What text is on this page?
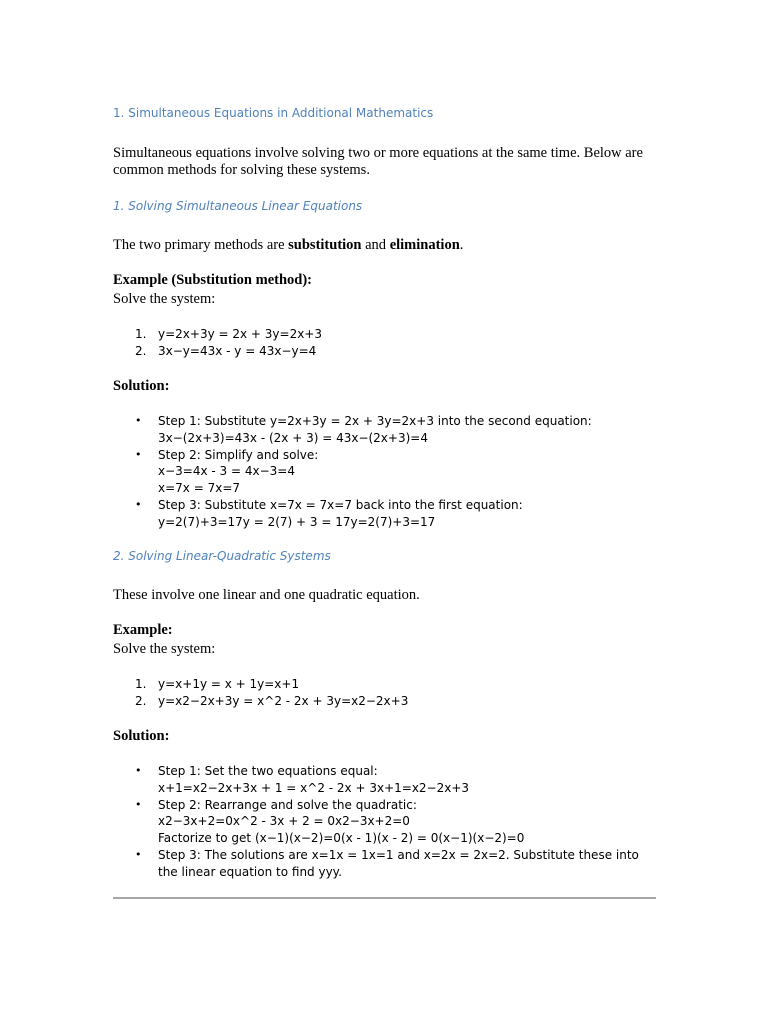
1. Simultaneous Equations in Additional Mathematics
Simultaneous equations involve solving two or more equations at the same time. Below are common methods for solving these systems.
1. Solving Simultaneous Linear Equations
The two primary methods are substitution and elimination.
Example (Substitution method):
Solve the system:
1. y=2x+3y = 2x + 3y=2x+3
2. 3x−y=43x - y = 43x−y=4
Solution:
• Step 1: Substitute y=2x+3y = 2x + 3y=2x+3 into the second equation:
3x−(2x+3)=43x - (2x + 3) = 43x−(2x+3)=4
• Step 2: Simplify and solve:
x−3=4x - 3 = 4x−3=4
x=7x = 7x=7
• Step 3: Substitute x=7x = 7x=7 back into the first equation:
y=2(7)+3=17y = 2(7) + 3 = 17y=2(7)+3=17
2. Solving Linear-Quadratic Systems
These involve one linear and one quadratic equation.
Example:
Solve the system:
1. y=x+1y = x + 1y=x+1
2. y=x2−2x+3y = x^2 - 2x + 3y=x2−2x+3
Solution:
• Step 1: Set the two equations equal:
x+1=x2−2x+3x + 1 = x^2 - 2x + 3x+1=x2−2x+3
• Step 2: Rearrange and solve the quadratic:
x2−3x+2=0x^2 - 3x + 2 = 0x2−3x+2=0
Factorize to get (x−1)(x−2)=0(x - 1)(x - 2) = 0(x−1)(x−2)=0
• Step 3: The solutions are x=1x = 1x=1 and x=2x = 2x=2. Substitute these into the linear equation to find yyy.
